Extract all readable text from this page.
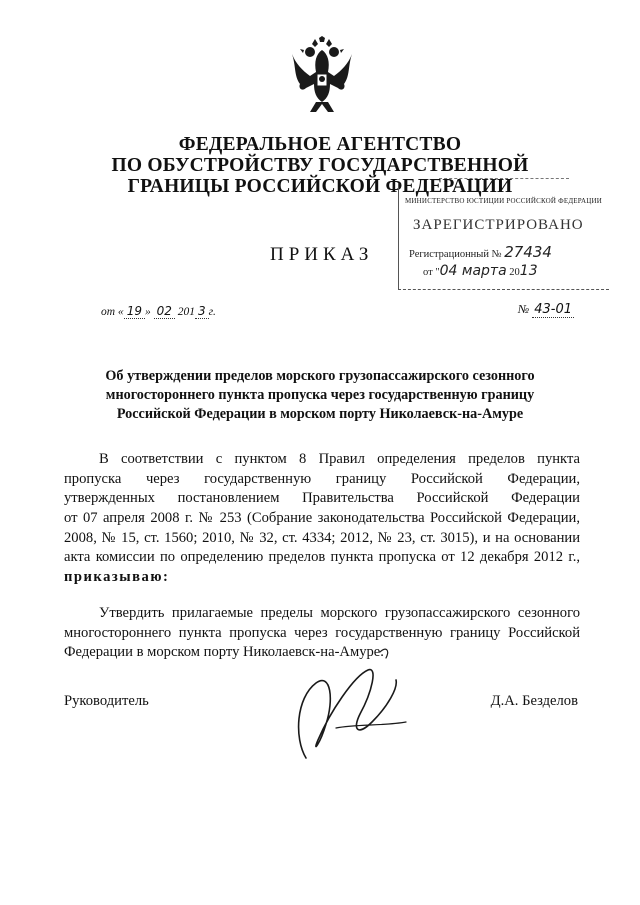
ФЕДЕРАЛЬНОЕ АГЕНТСТВО
ПО ОБУСТРОЙСТВУ ГОСУДАРСТВЕННОЙ
ГРАНИЦЫ РОССИЙСКОЙ ФЕДЕРАЦИИ
ПРИКАЗ
МИНИСТЕРСТВО ЮСТИЦИИ РОССИЙСКОЙ ФЕДЕРАЦИИ
ЗАРЕГИСТРИРОВАНО
Регистрационный № 27434
от "04 марта 2013
от « 19 » 02 201 3 г.	№ 43-01
Об утверждении пределов морского грузопассажирского сезонного
многостороннего пункта пропуска через государственную границу
Российской Федерации в морском порту Николаевск-на-Амуре
В соответствии с пунктом 8 Правил определения пределов пункта
пропуска через государственную границу Российской Федерации,
утвержденных постановлением Правительства Российской Федерации
от 07 апреля 2008 г. № 253 (Собрание законодательства Российской Федерации,
2008, № 15, ст. 1560; 2010, № 32, ст. 4334; 2012, № 23, ст. 3015), и на основании
акта комиссии по определению пределов пункта пропуска от 12 декабря 2012 г.,
приказываю:
Утвердить прилагаемые пределы морского грузопассажирского сезонного
многостороннего пункта пропуска через государственную границу Российской
Федерации в морском порту Николаевск-на-Амуре.
Руководитель	Д.А. Безделов
